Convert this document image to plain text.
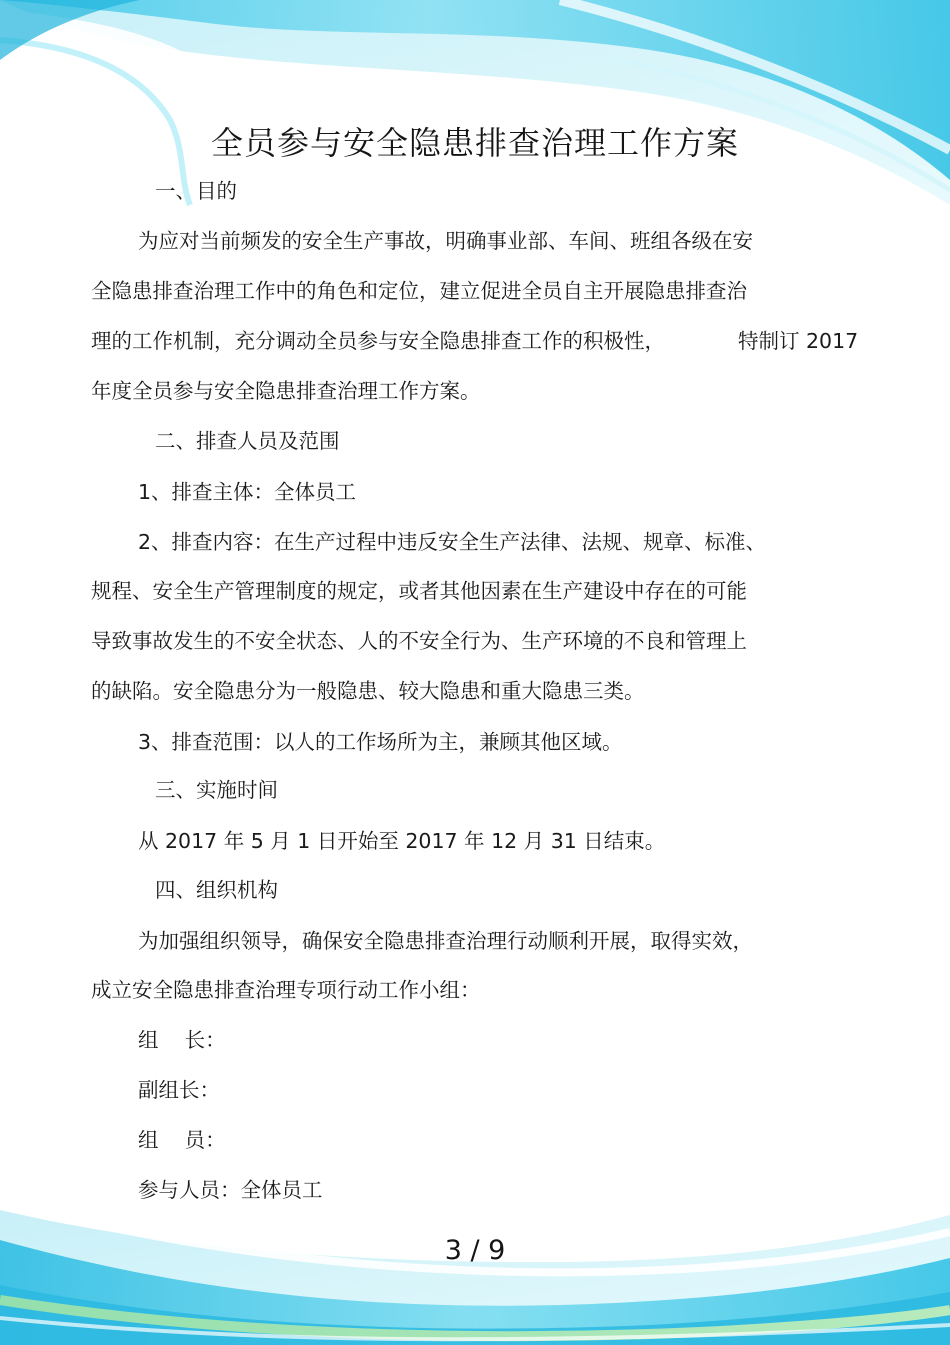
全员参与安全隐患排查治理工作方案
一、目的
为应对当前频发的安全生产事故，明确事业部、车间、班组各级在安
全隐患排查治理工作中的角色和定位，建立促进全员自主开展隐患排查治
理的工作机制，充分调动全员参与安全隐患排查工作的积极性，	特制订 2017
年度全员参与安全隐患排查治理工作方案。
二、排查人员及范围
1、排查主体：全体员工
2、排查内容：在生产过程中违反安全生产法律、法规、规章、标准、
规程、安全生产管理制度的规定，或者其他因素在生产建设中存在的可能
导致事故发生的不安全状态、人的不安全行为、生产环境的不良和管理上
的缺陷。安全隐患分为一般隐患、较大隐患和重大隐患三类。
3、排查范围：以人的工作场所为主，兼顾其他区域。
三、实施时间
从 2017 年 5 月 1 日开始至 2017 年 12 月 31 日结束。
四、组织机构
为加强组织领导，确保安全隐患排查治理行动顺利开展，取得实效，
成立安全隐患排查治理专项行动工作小组：
组    长：
副组长：
组    员：
参与人员：全体员工
3 / 9
